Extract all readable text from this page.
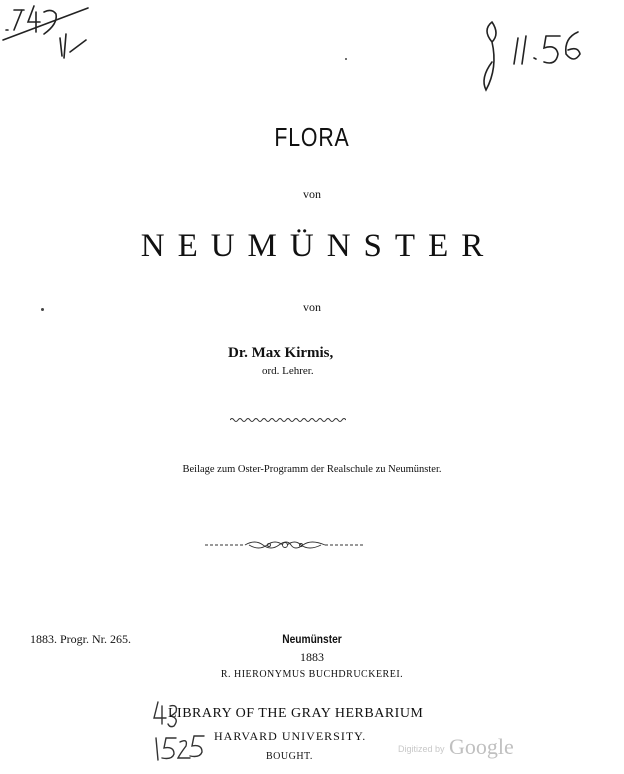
FLORA
von
NEUMÜNSTER
von
Dr. Max Kirmis,
ord. Lehrer.
Beilage zum Oster-Programm der Realschule zu Neumünster.
1883. Progr. Nr. 265.	Neumünster
1883
R. HIERONYMUS BUCHDRUCKEREI.
LIBRARY OF THE GRAY HERBARIUM
HARVARD UNIVERSITY.
BOUGHT.
Digitized by Google
